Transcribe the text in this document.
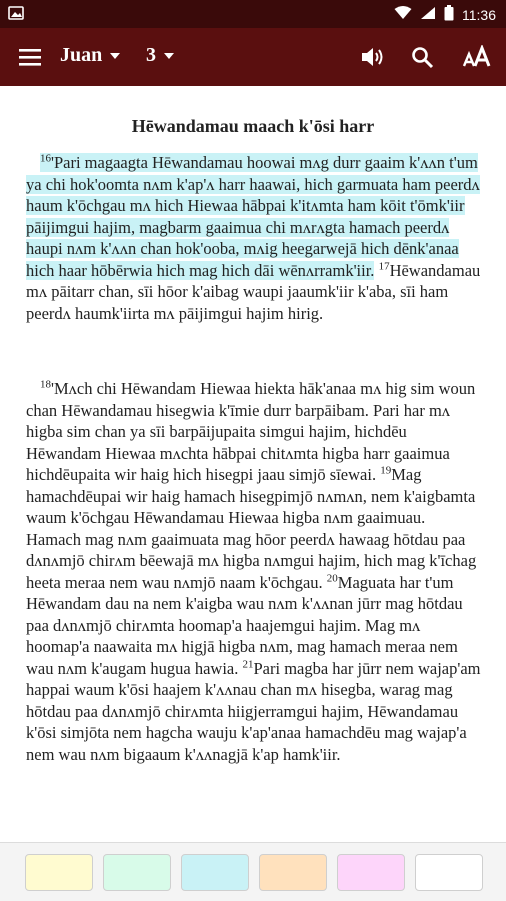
11:36
Juan 3
Hēwandamau maach k'ōsi harr

$^{16}$'Pari magaagta Hēwandamau hoowai mʌg durr gaaim k'ʌʌn t'um ya chi hok'oomta nʌm k'ap'ʌ harr haawai, hich garmuata ham peerdʌ haum k'ōchgau mʌ hich Hiewaa hābpai k'itʌmta ham kōit t'ōmk'iir pāijimgui hajim, magbarm gaaimua chi mʌrʌgta hamach peerdʌ haupi nʌm k'ʌʌn chan hok'ooba, mʌig heegarwejā hich dēnk'anaa hich haar hōbērwia hich mag hich dāi wēnʌrramk'iir. $^{17}$Hēwandamau mʌ pāitarr chan, sīi hōor k'aibag waupi jaaumk'iir k'aba, sīi ham peerdʌ haumk'iirta mʌ pāijimgui hajim hirig.

$^{18}$'Mʌch chi Hēwandam Hiewaa hiekta hāk'anaa mʌ hig sim woun chan Hēwandamau hisegwia k'īmie durr barpāibam. Pari har mʌ higba sim chan ya sīi barpāijupaita simgui hajim, hichdēu Hēwandam Hiewaa mʌchta hābpai chitʌmta higba harr gaaimua hichdēupaita wir haig hich hisegpi jaau simjō sīewai. $^{19}$Mag hamachdēupai wir haig hamach hisegpimjō nʌmʌn, nem k'aigbamta waum k'ōchgau Hēwandamau Hiewaa higba nʌm gaaimuau. Hamach mag nʌm gaaimuata mag hōor peerdʌ hawaag hōtdau paa dʌnʌmjō chirʌm bēewajā mʌ higba nʌmgui hajim, hich mag k'īchag heeta meraa nem wau nʌmjō naam k'ōchgau. $^{20}$Maguata har t'um Hēwandam dau na nem k'aigba wau nʌm k'ʌʌnan jūrr mag hōtdau paa dʌnʌmjō chirʌmta hoomap'a haajemgui hajim. Mag mʌ hoomap'a naawaita mʌ higjā higba nʌm, mag hamach meraa nem wau nʌm k'augam hugua hawia. $^{21}$Pari magba har jūrr nem wajap'am happai waum k'ōsi haajem k'ʌʌnau chan mʌ hisegba, warag mag hōtdau paa dʌnʌmjō chirʌmta hiigjerramgui hajim, Hēwandamau k'ōsi simjōta nem hagcha wauju k'ap'anaa hamachdēu mag wajap'a nem wau nʌm bigaaum k'ʌʌnagjā k'ap hamk'iir.
